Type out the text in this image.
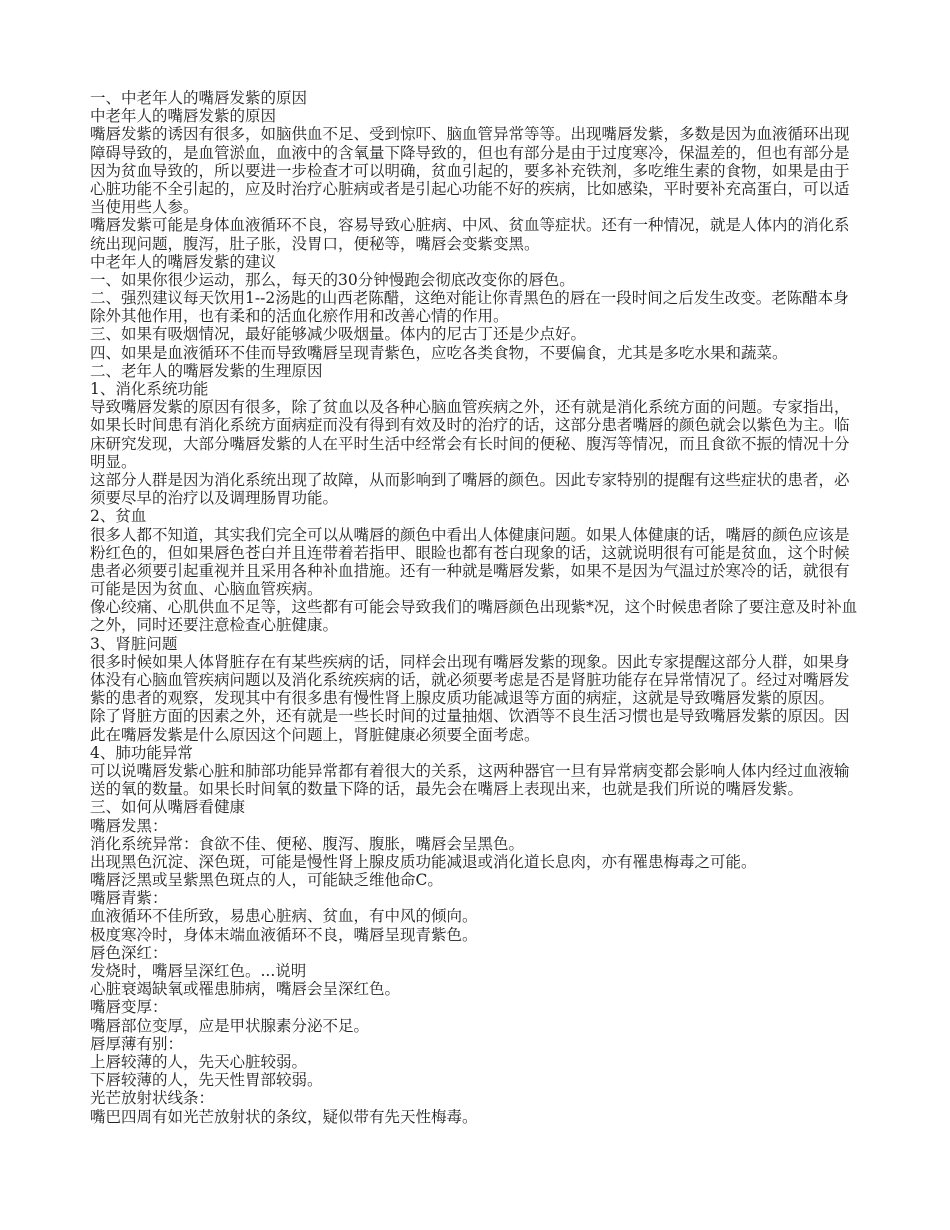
一、中老年人的嘴唇发紫的原因
中老年人的嘴唇发紫的原因
嘴唇发紫的诱因有很多，如脑供血不足、受到惊吓、脑血管异常等等。出现嘴唇发紫，多数是因为血液循环出现
障碍导致的，是血管淤血，血液中的含氧量下降导致的，但也有部分是由于过度寒冷，保温差的，但也有部分是
因为贫血导致的，所以要进一步检查才可以明确，贫血引起的，要多补充铁剂，多吃维生素的食物，如果是由于
心脏功能不全引起的，应及时治疗心脏病或者是引起心功能不好的疾病，比如感染，平时要补充高蛋白，可以适
当使用些人参。
嘴唇发紫可能是身体血液循环不良，容易导致心脏病、中风、贫血等症状。还有一种情况，就是人体内的消化系
统出现问题，腹泻，肚子胀，没胃口，便秘等，嘴唇会变紫变黑。
中老年人的嘴唇发紫的建议
一、如果你很少运动，那么，每天的30分钟慢跑会彻底改变你的唇色。
二、强烈建议每天饮用1--2汤匙的山西老陈醋，这绝对能让你青黑色的唇在一段时间之后发生改变。老陈醋本身
除外其他作用，也有柔和的活血化瘀作用和改善心情的作用。
三、如果有吸烟情况，最好能够减少吸烟量。体内的尼古丁还是少点好。
四、如果是血液循环不佳而导致嘴唇呈现青紫色，应吃各类食物，不要偏食，尤其是多吃水果和蔬菜。
二、老年人的嘴唇发紫的生理原因
1、消化系统功能
导致嘴唇发紫的原因有很多，除了贫血以及各种心脑血管疾病之外，还有就是消化系统方面的问题。专家指出，
如果长时间患有消化系统方面病症而没有得到有效及时的治疗的话，这部分患者嘴唇的颜色就会以紫色为主。临
床研究发现，大部分嘴唇发紫的人在平时生活中经常会有长时间的便秘、腹泻等情况，而且食欲不振的情况十分
明显。
这部分人群是因为消化系统出现了故障，从而影响到了嘴唇的颜色。因此专家特别的提醒有这些症状的患者，必
须要尽早的治疗以及调理肠胃功能。
2、贫血
很多人都不知道，其实我们完全可以从嘴唇的颜色中看出人体健康问题。如果人体健康的话，嘴唇的颜色应该是
粉红色的，但如果唇色苍白并且连带着若指甲、眼睑也都有苍白现象的话，这就说明很有可能是贫血，这个时候
患者必须要引起重视并且采用各种补血措施。还有一种就是嘴唇发紫，如果不是因为气温过於寒冷的话，就很有
可能是因为贫血、心脑血管疾病。
像心绞痛、心肌供血不足等，这些都有可能会导致我们的嘴唇颜色出现紫*况，这个时候患者除了要注意及时补血
之外，同时还要注意检查心脏健康。
3、肾脏问题
很多时候如果人体肾脏存在有某些疾病的话，同样会出现有嘴唇发紫的现象。因此专家提醒这部分人群，如果身
体没有心脑血管疾病问题以及消化系统疾病的话，就必须要考虑是否是肾脏功能存在异常情况了。经过对嘴唇发
紫的患者的观察，发现其中有很多患有慢性肾上腺皮质功能减退等方面的病症，这就是导致嘴唇发紫的原因。
除了肾脏方面的因素之外，还有就是一些长时间的过量抽烟、饮酒等不良生活习惯也是导致嘴唇发紫的原因。因
此在嘴唇发紫是什么原因这个问题上，肾脏健康必须要全面考虑。
4、肺功能异常
可以说嘴唇发紫心脏和肺部功能异常都有着很大的关系，这两种器官一旦有异常病变都会影响人体内经过血液输
送的氧的数量。如果长时间氧的数量下降的话，最先会在嘴唇上表现出来，也就是我们所说的嘴唇发紫。
三、如何从嘴唇看健康
嘴唇发黑：
消化系统异常：食欲不佳、便秘、腹泻、腹胀，嘴唇会呈黑色。
出现黑色沉淀、深色斑，可能是慢性肾上腺皮质功能减退或消化道长息肉，亦有罹患梅毒之可能。
嘴唇泛黑或呈紫黑色斑点的人，可能缺乏维他命C。
嘴唇青紫：
血液循环不佳所致，易患心脏病、贫血，有中风的倾向。
极度寒冷时，身体末端血液循环不良，嘴唇呈现青紫色。
唇色深红：
发烧时，嘴唇呈深红色。...说明
心脏衰竭缺氧或罹患肺病，嘴唇会呈深红色。
嘴唇变厚：
嘴唇部位变厚，应是甲状腺素分泌不足。
唇厚薄有别：
上唇较薄的人，先天心脏较弱。
下唇较薄的人，先天性胃部较弱。
光芒放射状线条：
嘴巴四周有如光芒放射状的条纹，疑似带有先天性梅毒。
